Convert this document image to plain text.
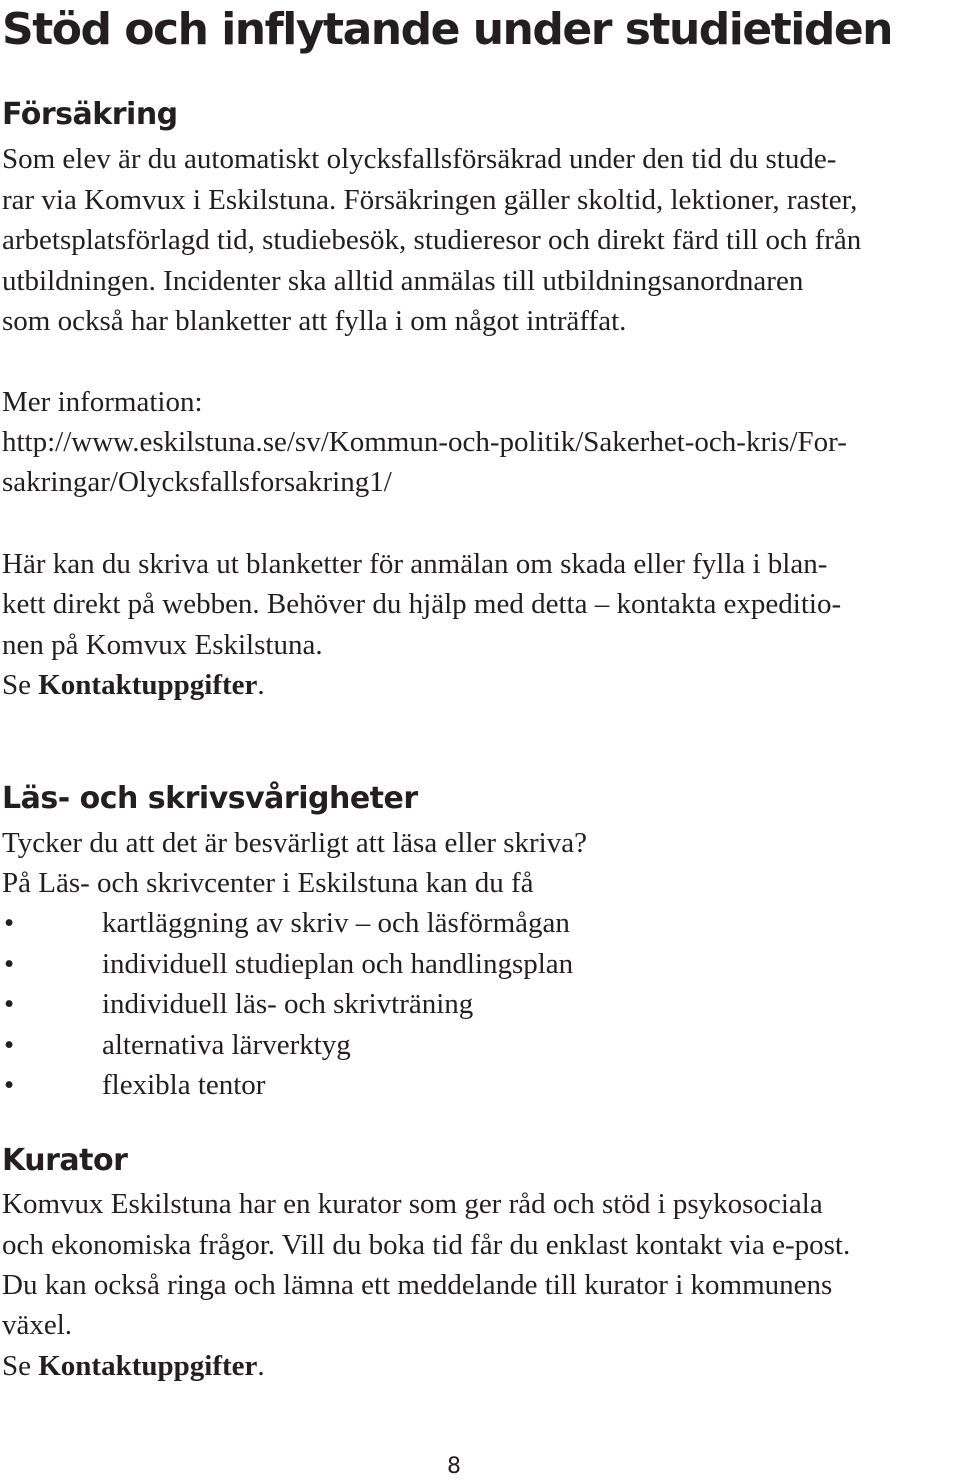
Stöd och inflytande under studietiden
Försäkring

Som elev är du automatiskt olycksfallsförsäkrad under den tid du stude-

rar via Komvux i Eskilstuna. Försäkringen gäller skoltid, lektioner, raster,

arbetsplatsförlagd tid, studiebesök, studieresor och direkt färd till och från

utbildningen. Incidenter ska alltid anmälas till utbildningsanordnaren

som också har blanketter att fylla i om något inträffat.

Mer information:

http://www.eskilstuna.se/sv/Kommun-och-politik/Sakerhet-och-kris/For-

sakringar/Olycksfallsforsakring1/

Här kan du skriva ut blanketter för anmälan om skada eller fylla i blan-

kett direkt på webben. Behöver du hjälp med detta – kontakta expeditio-

nen på Komvux Eskilstuna.

Se Kontaktuppgifter.

Läs- och skrivsvårigheter

Tycker du att det är besvärligt att läsa eller skriva?

På Läs- och skrivcenter i Eskilstuna kan du få

•	kartläggning av skriv – och läsförmågan
•	individuell studieplan och handlingsplan
•	individuell läs- och skrivträning
•	alternativa lärverktyg
•	flexibla tentor
Kurator

Komvux Eskilstuna har en kurator som ger råd och stöd i psykosociala

och ekonomiska frågor. Vill du boka tid får du enklast kontakt via e-post.

Du kan också ringa och lämna ett meddelande till kurator i kommunens

växel.

Se Kontaktuppgifter.

8
